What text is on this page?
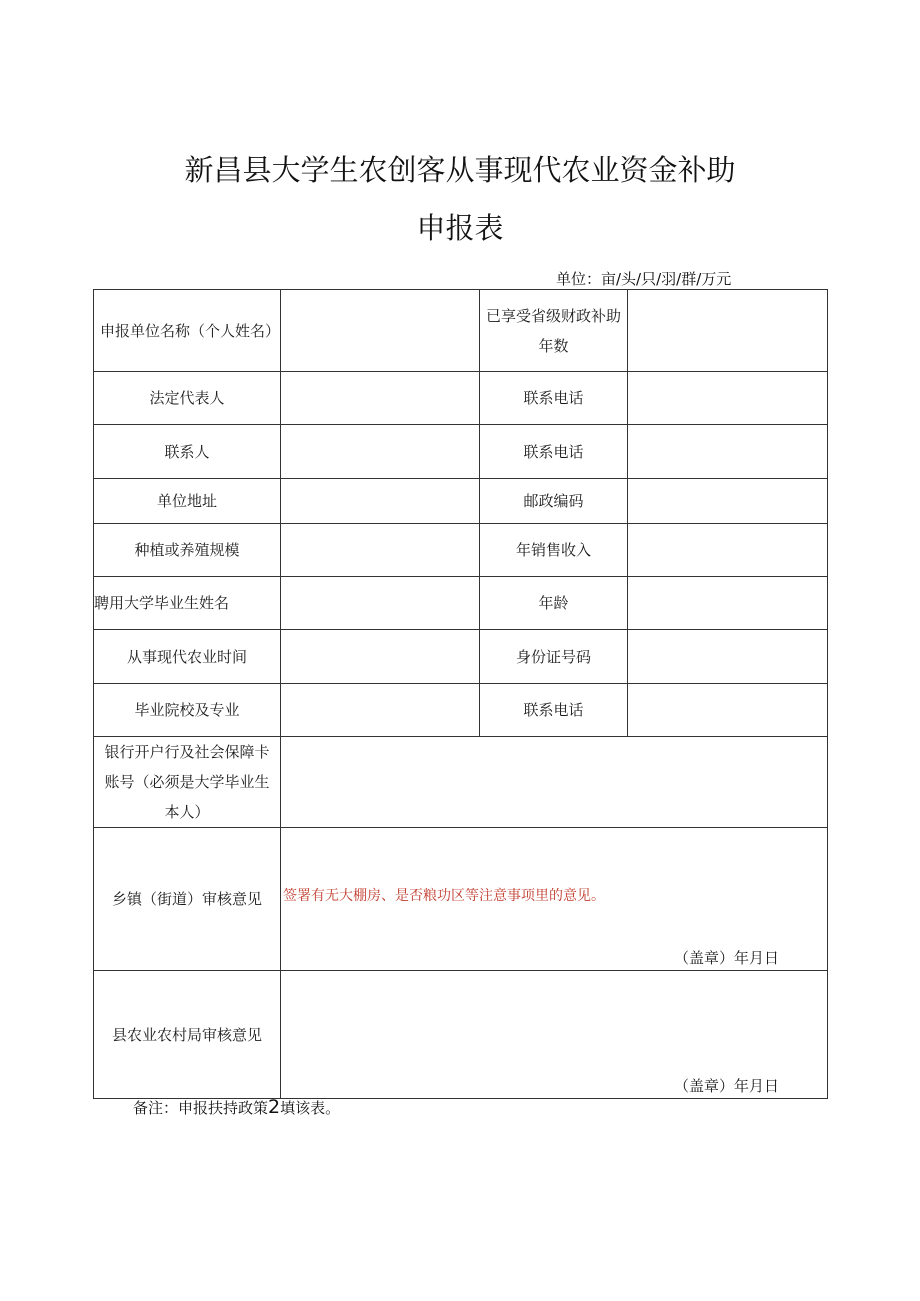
新昌县大学生农创客从事现代农业资金补助
申报表
单位：亩/头/只/羽/群/万元
申报单位名称（个人姓名）		已享受省级财政补助年数	
法定代表人		联系电话	
联系人		联系电话	
单位地址		邮政编码	
种植或养殖规模		年销售收入	
聘用大学毕业生姓名		年龄	
从事现代农业时间		身份证号码	
毕业院校及专业		联系电话	
银行开户行及社会保障卡账号（必须是大学毕业生本人）			
乡镇（街道）审核意见	签署有无大棚房、是否粮功区等注意事项里的意见。
（盖章）年月日		

县农业农村局审核意见	（盖章）年月日		
备注：申报扶持政策2填该表。
